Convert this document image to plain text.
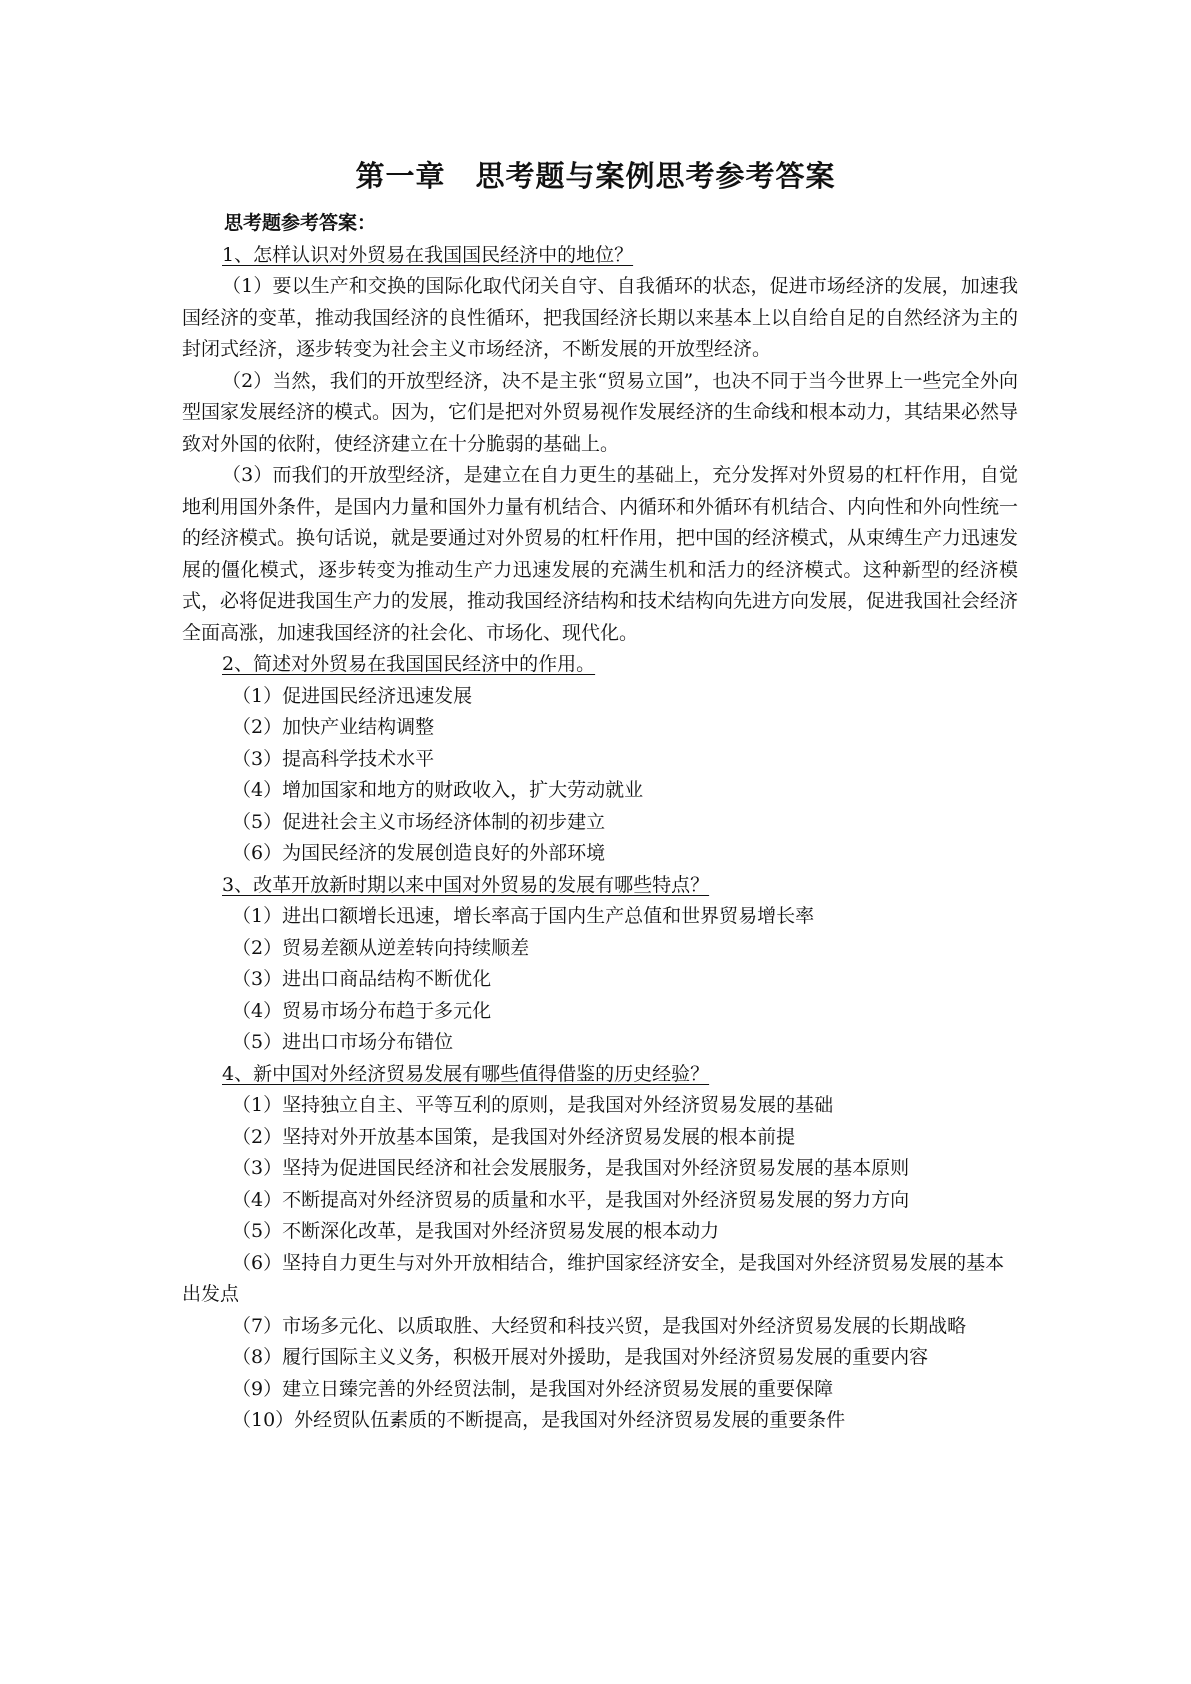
第一章　思考题与案例思考参考答案

思考题参考答案：

1、怎样认识对外贸易在我国国民经济中的地位？

（1）要以生产和交换的国际化取代闭关自守、自我循环的状态，促进市场经济的发展，加速我国经济的变革，推动我国经济的良性循环，把我国经济长期以来基本上以自给自足的自然经济为主的封闭式经济，逐步转变为社会主义市场经济，不断发展的开放型经济。

（2）当然，我们的开放型经济，决不是主张“贸易立国”，也决不同于当今世界上一些完全外向型国家发展经济的模式。因为，它们是把对外贸易视作发展经济的生命线和根本动力，其结果必然导致对外国的依附，使经济建立在十分脆弱的基础上。

（3）而我们的开放型经济，是建立在自力更生的基础上，充分发挥对外贸易的杠杆作用，自觉地利用国外条件，是国内力量和国外力量有机结合、内循环和外循环有机结合、内向性和外向性统一的经济模式。换句话说，就是要通过对外贸易的杠杆作用，把中国的经济模式，从束缚生产力迅速发展的僵化模式，逐步转变为推动生产力迅速发展的充满生机和活力的经济模式。这种新型的经济模式，必将促进我国生产力的发展，推动我国经济结构和技术结构向先进方向发展，促进我国社会经济全面高涨，加速我国经济的社会化、市场化、现代化。

2、简述对外贸易在我国国民经济中的作用。

（1）促进国民经济迅速发展

（2）加快产业结构调整

（3）提高科学技术水平

（4）增加国家和地方的财政收入，扩大劳动就业

（5）促进社会主义市场经济体制的初步建立

（6）为国民经济的发展创造良好的外部环境

3、改革开放新时期以来中国对外贸易的发展有哪些特点？

（1）进出口额增长迅速，增长率高于国内生产总值和世界贸易增长率

（2）贸易差额从逆差转向持续顺差

（3）进出口商品结构不断优化

（4）贸易市场分布趋于多元化

（5）进出口市场分布错位

4、新中国对外经济贸易发展有哪些值得借鉴的历史经验？

（1）坚持独立自主、平等互利的原则，是我国对外经济贸易发展的基础

（2）坚持对外开放基本国策，是我国对外经济贸易发展的根本前提

（3）坚持为促进国民经济和社会发展服务，是我国对外经济贸易发展的基本原则

（4）不断提高对外经济贸易的质量和水平，是我国对外经济贸易发展的努力方向

（5）不断深化改革，是我国对外经济贸易发展的根本动力

（6）坚持自力更生与对外开放相结合，维护国家经济安全，是我国对外经济贸易发展的基本出发点

（7）市场多元化、以质取胜、大经贸和科技兴贸，是我国对外经济贸易发展的长期战略

（8）履行国际主义义务，积极开展对外援助，是我国对外经济贸易发展的重要内容

（9）建立日臻完善的外经贸法制，是我国对外经济贸易发展的重要保障

（10）外经贸队伍素质的不断提高，是我国对外经济贸易发展的重要条件
